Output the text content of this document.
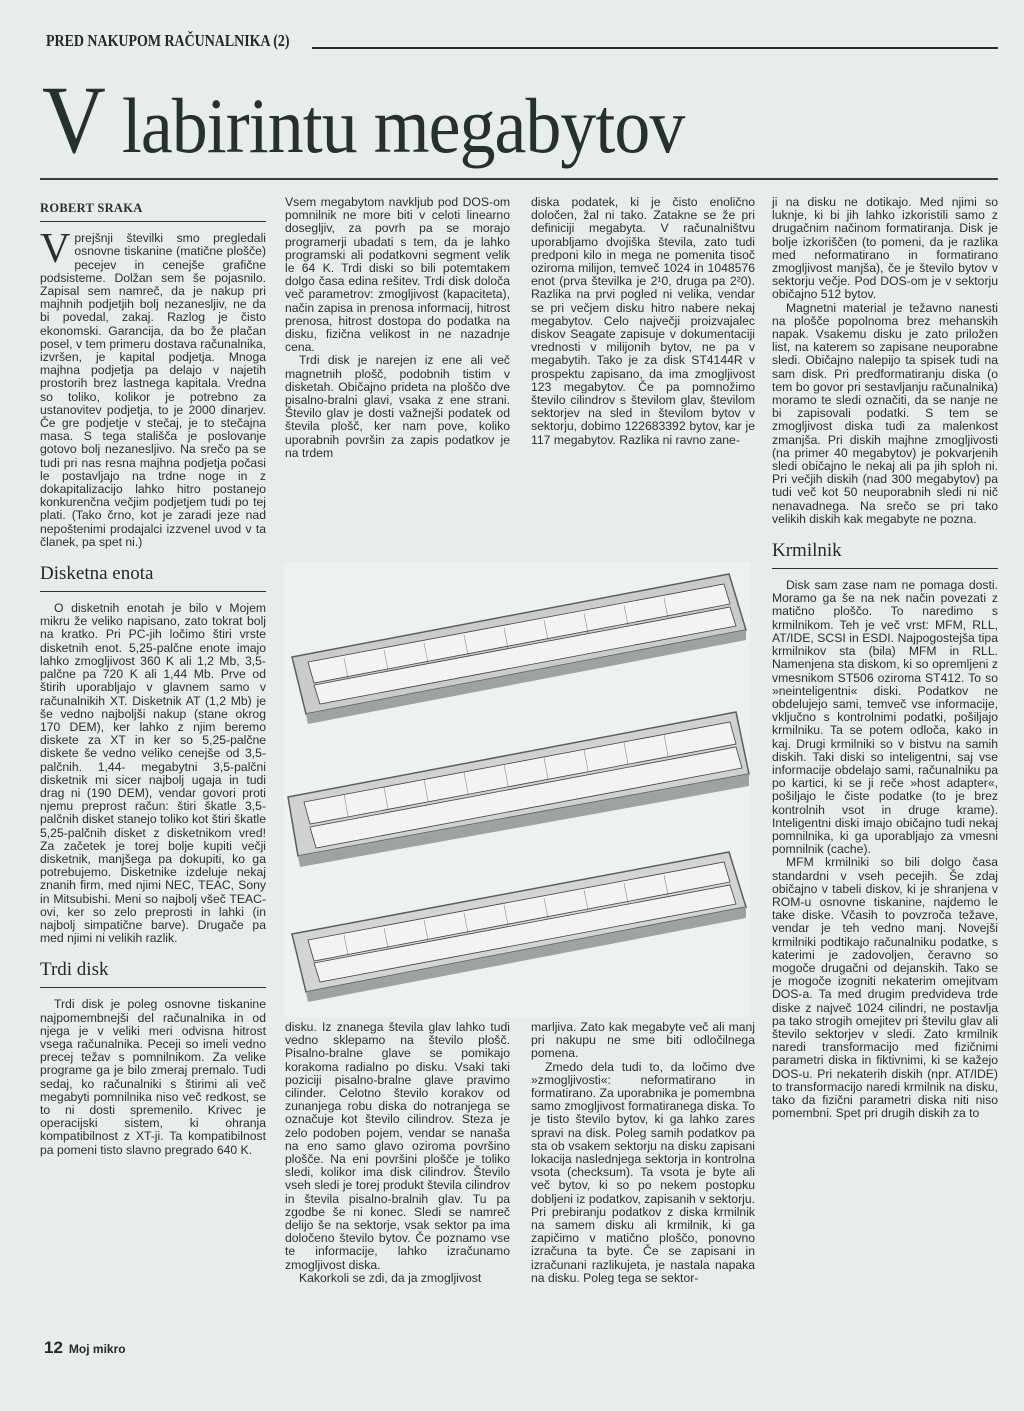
PRED NAKUPOM RAČUNALNIKA (2)
V labirintu megabytov
ROBERT SRAKA

Vprejšnji številki smo pregledali osnovne tiskanine (matične plošče) pecejev in cenejše grafične podsisteme. Dolžan sem še pojasnilo. Zapisal sem namreč, da je nakup pri majhnih podjetjih bolj nezanesljiv, ne da bi povedal, zakaj. Razlog je čisto ekonomski. Garancija, da bo že plačan posel, v tem primeru dostava računalnika, izvršen, je kapital podjetja. Mnoga majhna podjetja pa delajo v najetih prostorih brez lastnega kapitala. Vredna so toliko, kolikor je potrebno za ustanovitev podjetja, to je 2000 dinarjev. Če gre podjetje v stečaj, je to stečajna masa. S tega stališča je poslovanje gotovo bolj nezanesljivo. Na srečo pa se tudi pri nas resna majhna podjetja počasi le postavljajo na trdne noge in z dokapitalizacijo lahko hitro postanejo konkurenčna večjim podjetjem tudi po tej plati. (Tako črno, kot je zaradi jeze nad nepoštenimi prodajalci izzvenel uvod v ta članek, pa spet ni.)

Disketna enota

O disketnih enotah je bilo v Mojem mikru že veliko napisano, zato tokrat bolj na kratko. Pri PC-jih ločimo štiri vrste disketnih enot. 5,25-palčne enote imajo lahko zmogljivost 360 K ali 1,2 Mb, 3,5- palčne pa 720 K ali 1,44 Mb. Prve od štirih uporabljajo v glavnem samo v računalnikih XT. Disketnik AT (1,2 Mb) je še vedno najboljši nakup (stane okrog 170 DEM), ker lahko z njim beremo diskete za XT in ker so 5,25-palčne diskete še vedno veliko cenejše od 3,5-palčnih. 1,44- megabytni 3,5-palčni disketnik mi sicer najbolj ugaja in tudi drag ni (190 DEM), vendar govori proti njemu preprost račun: štiri škatle 3,5-palčnih disket stanejo toliko kot štiri škatle 5,25-palčnih disket z disketnikom vred! Za začetek je torej bolje kupiti večji disketnik, manjšega pa dokupiti, ko ga potrebujemo. Disketnike izdeluje nekaj znanih firm, med njimi NEC, TEAC, Sony in Mitsubishi. Meni so najbolj všeč TEAC-ovi, ker so zelo preprosti in lahki (in najbolj simpatične barve). Drugače pa med njimi ni velikih razlik.

Trdi disk

Trdi disk je poleg osnovne tiskanine najpomembnejši del računalnika in od njega je v veliki meri odvisna hitrost vsega računalnika. Peceji so imeli vedno precej težav s pomnilnikom. Za velike programe ga je bilo zmeraj premalo. Tudi sedaj, ko računalniki s štirimi ali več megabyti pomnilnika niso več redkost, se to ni dosti spremenilo. Krivec je operacijski sistem, ki ohranja kompatibilnost z XT-ji. Ta kompatibilnost pa pomeni tisto slavno pregrado 640 K.

Vsem megabytom navkljub pod DOS-om pomnilnik ne more biti v celoti linearno dosegljiv, za povrh pa se morajo programerji ubadati s tem, da je lahko programski ali podatkovni segment velik le 64 K. Trdi diski so bili potemtakem dolgo časa edina rešitev. Trdi disk določa več parametrov: zmogljivost (kapaciteta), način zapisa in prenosa informacij, hitrost prenosa, hitrost dostopa do podatka na disku, fizična velikost in ne nazadnje cena.

Trdi disk je narejen iz ene ali več magnetnih plošč, podobnih tistim v disketah. Običajno prideta na ploščo dve pisalno-bralni glavi, vsaka z ene strani. Število glav je dosti važnejši podatek od števila plošč, ker nam pove, koliko uporabnih površin za zapis podatkov je na trdem

diska podatek, ki je čisto enolično določen, žal ni tako. Zatakne se že pri definiciji megabyta. V računalništvu uporabljamo dvojiška števila, zato tudi predponi kilo in mega ne pomenita tisoč oziroma milijon, temveč 1024 in 1048576 enot (prva številka je 2¹0, druga pa 2²0). Razlika na prvi pogled ni velika, vendar se pri večjem disku hitro nabere nekaj megabytov. Celo največji proizvajalec diskov Seagate zapisuje v dokumentaciji vrednosti v milijonih bytov, ne pa v megabytih. Tako je za disk ST4144R v prospektu zapisano, da ima zmogljivost 123 megabytov. Če pa pomnožimo število cilindrov s številom glav, številom sektorjev na sled in številom bytov v sektorju, dobimo 122683392 bytov, kar je 117 megabytov. Razlika ni ravno zane-

ji na disku ne dotikajo. Med njimi so luknje, ki bi jih lahko izkoristili samo z drugačnim načinom formatiranja. Disk je bolje izkoriščen (to pomeni, da je razlika med neformatirano in formatirano zmogljivost manjša), če je število bytov v sektorju večje. Pod DOS-om je v sektorju običajno 512 bytov.

Magnetni material je težavno nanesti na plošče popolnoma brez mehanskih napak. Vsakemu disku je zato priložen list, na katerem so zapisane neuporabne sledi. Običajno nalepijo ta spisek tudi na sam disk. Pri predformatiranju diska (o tem bo govor pri sestavljanju računalnika) moramo te sledi označiti, da se nanje ne bi zapisovali podatki. S tem se zmogljivost diska tudi za malenkost zmanjša. Pri diskih majhne zmogljivosti (na primer 40 megabytov) je pokvarjenih sledi običajno le nekaj ali pa jih sploh ni. Pri večjih diskih (nad 300 megabytov) pa tudi več kot 50 neuporabnih sledi ni nič nenavadnega. Na srečo se pri tako velikih diskih kak megabyte ne pozna.

Krmilnik

Disk sam zase nam ne pomaga dosti. Moramo ga še na nek način povezati z matično ploščo. To naredimo s krmilnikom. Teh je več vrst: MFM, RLL, AT/IDE, SCSI in ESDI. Najpogostejša tipa krmilnikov sta (bila) MFM in RLL. Namenjena sta diskom, ki so opremljeni z vmesnikom ST506 oziroma ST412. To so »neinteligentni« diski. Podatkov ne obdelujejo sami, temveč vse informacije, vključno s kontrolnimi podatki, pošiljajo krmilniku. Ta se potem odloča, kako in kaj. Drugi krmilniki so v bistvu na samih diskih. Taki diski so inteligentni, saj vse informacije obdelajo sami, računalniku pa po kartici, ki se ji reče »host adapter«, pošiljajo le čiste podatke (to je brez kontrolnih vsot in druge krame). Inteligentni diski imajo običajno tudi nekaj pomnilnika, ki ga uporabljajo za vmesni pomnilnik (cache).

MFM krmilniki so bili dolgo časa standardni v vseh pecejih. Še zdaj običajno v tabeli diskov, ki je shranjena v ROM-u osnovne tiskanine, najdemo le take diske. Včasih to povzroča težave, vendar je teh vedno manj. Novejši krmilniki podtikajo računalniku podatke, s katerimi je zadovoljen, čeravno so mogoče drugačni od dejanskih. Tako se je mogoče izogniti nekaterim omejitvam DOS-a. Ta med drugim predvideva trde diske z največ 1024 cilindri, ne postavlja pa tako strogih omejitev pri številu glav ali število sektorjev v sledi. Zato krmilnik naredi transformacijo med fizičnimi parametri diska in fiktivnimi, ki se kažejo DOS-u. Pri nekaterih diskih (npr. AT/IDE) to transformacijo naredi krmilnik na disku, tako da fizični parametri diska niti niso pomembni. Spet pri drugih diskih za to

disku. Iz znanega števila glav lahko tudi vedno sklepamo na število plošč. Pisalno-bralne glave se pomikajo korakoma radialno po disku. Vsaki taki poziciji pisalno-bralne glave pravimo cilinder. Celotno število korakov od zunanjega robu diska do notranjega se označuje kot število cilindrov. Steza je zelo podoben pojem, vendar se nanaša na eno samo glavo oziroma površino plošče. Na eni površini plošče je toliko sledi, kolikor ima disk cilindrov. Število vseh sledi je torej produkt števila cilindrov in števila pisalno-bralnih glav. Tu pa zgodbe še ni konec. Sledi se namreč delijo še na sektorje, vsak sektor pa ima določeno število bytov. Če poznamo vse te informacije, lahko izračunamo zmogljivost diska.

Kakorkoli se zdi, da ja zmogljivost

marljiva. Zato kak megabyte več ali manj pri nakupu ne sme biti odločilnega pomena.

Zmedo dela tudi to, da ločimo dve »zmogljivosti«: neformatirano in formatirano. Za uporabnika je pomembna samo zmogljivost formatiranega diska. To je tisto število bytov, ki ga lahko zares spravi na disk. Poleg samih podatkov pa sta ob vsakem sektorju na disku zapisani lokacija naslednjega sektorja in kontrolna vsota (checksum). Ta vsota je byte ali več bytov, ki so po nekem postopku dobljeni iz podatkov, zapisanih v sektorju. Pri prebiranju podatkov z diska krmilnik na samem disku ali krmilnik, ki ga zapičimo v matično ploščo, ponovno izračuna ta byte. Če se zapisani in izračunani razlikujeta, je nastala napaka na disku. Poleg tega se sektor-

12 Moj mikro
